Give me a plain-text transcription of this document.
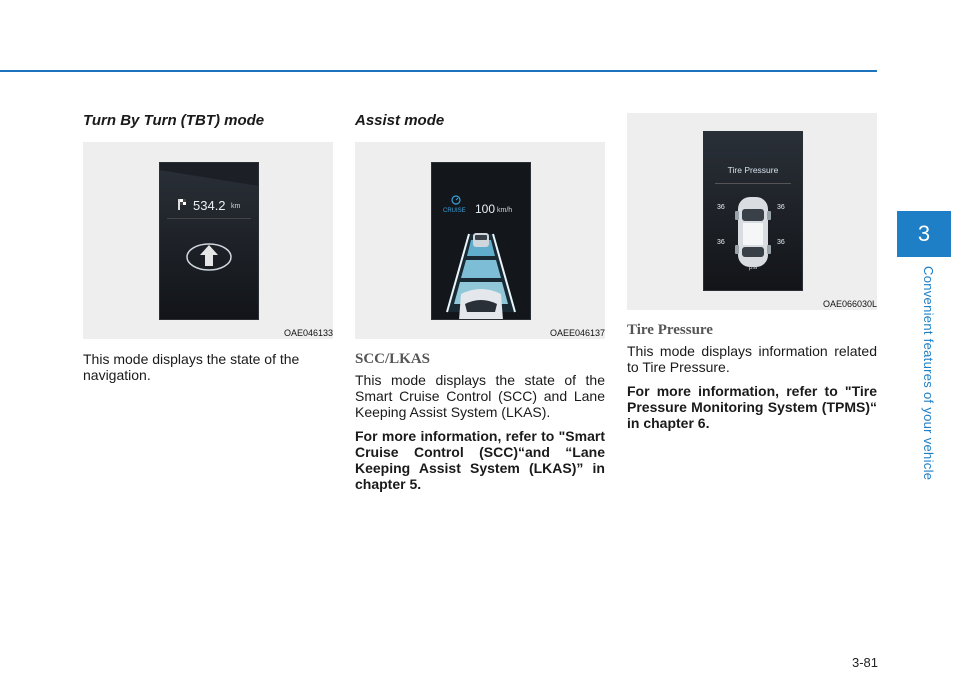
Turn By Turn (TBT) mode
534.2 km
OAE046133

This mode displays the state of the navigation.

Assist mode
CRUISE 100 km/h
OAEE046137
SCC/LKAS

This mode displays the state of the Smart Cruise Control (SCC) and Lane Keeping Assist System (LKAS).

For more information, refer to "Smart Cruise Control (SCC)“and “Lane Keeping Assist System (LKAS)” in chapter 5.

Tire Pressure
36	36
36	36
psi
OAE066030L
Tire Pressure

This mode displays information related to Tire Pressure.

For more information, refer to "Tire Pressure Monitoring System (TPMS)“ in chapter 6.

3
Convenient features of your vehicle
3-81
